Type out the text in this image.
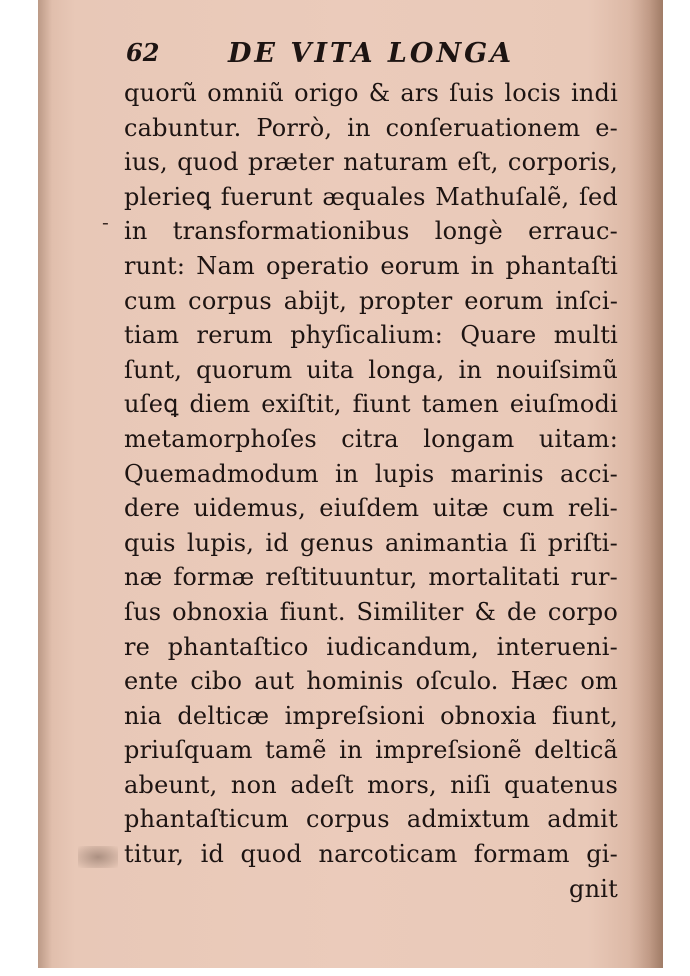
62	DE VITA LONGA
-
quorũ omniũ origo & ars ſuis locis indi
cabuntur. Porrò, in conſeruationem e-
ius, quod præter naturam eſt, corporis,
plerieꝗ fuerunt æquales Mathuſalẽ, ſed
in transformationibus longè errauc-
runt: Nam operatio eorum in phantaſti
cum corpus abijt, propter eorum inſci-
tiam rerum phyſicalium: Quare multi
ſunt, quorum uita longa, in nouiſsimũ
uſeꝗ diem exiſtit, fiunt tamen eiuſmodi
metamorphoſes citra longam uitam:
Quemadmodum in lupis marinis acci-
dere uidemus, eiuſdem uitæ cum reli-
quis lupis, id genus animantia ſi priſti-
næ formæ reſtituuntur, mortalitati rur-
ſus obnoxia fiunt. Similiter & de corpo
re phantaſtico iudicandum, interueni-
ente cibo aut hominis oſculo. Hæc om
nia delticæ impreſsioni obnoxia fiunt,
priuſquam tamẽ in impreſsionẽ delticã
abeunt, non adeſt mors, niſi quatenus
phantaſticum corpus admixtum admit
titur, id quod narcoticam formam gi-
gnit
